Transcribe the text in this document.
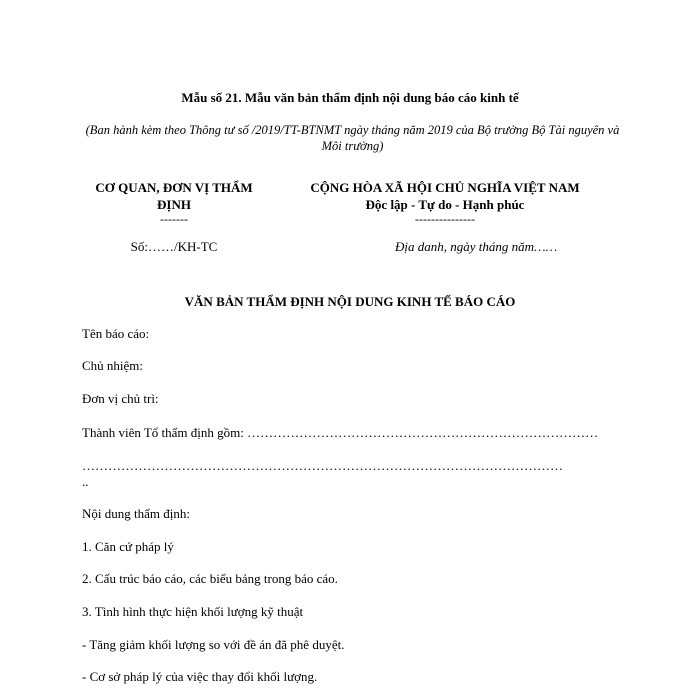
Mẫu số 21. Mẫu văn bản thẩm định nội dung báo cáo kinh tế
(Ban hành kèm theo Thông tư số /2019/TT-BTNMT ngày tháng năm 2019 của Bộ trưởng Bộ Tài nguyên và Môi trường)
CƠ QUAN, ĐƠN VỊ THẨM ĐỊNH
-------
Số:……/KH-TC
CỘNG HÒA XÃ HỘI CHỦ NGHĨA VIỆT NAM
Độc lập - Tự do - Hạnh phúc
---------------
Địa danh, ngày tháng năm……
VĂN BẢN THẨM ĐỊNH NỘI DUNG KINH TẾ BÁO CÁO
Tên báo cáo:
Chủ nhiệm:
Đơn vị chủ trì:
Thành viên Tổ thẩm định gồm: ………………………………………………………………………
…………………………………………………………………………………………………
..
Nội dung thẩm định:
1. Căn cứ pháp lý
2. Cấu trúc báo cáo, các biểu bảng trong báo cáo.
3. Tình hình thực hiện khối lượng kỹ thuật
- Tăng giảm khối lượng so với đề án đã phê duyệt.
- Cơ sở pháp lý của việc thay đổi khối lượng.
